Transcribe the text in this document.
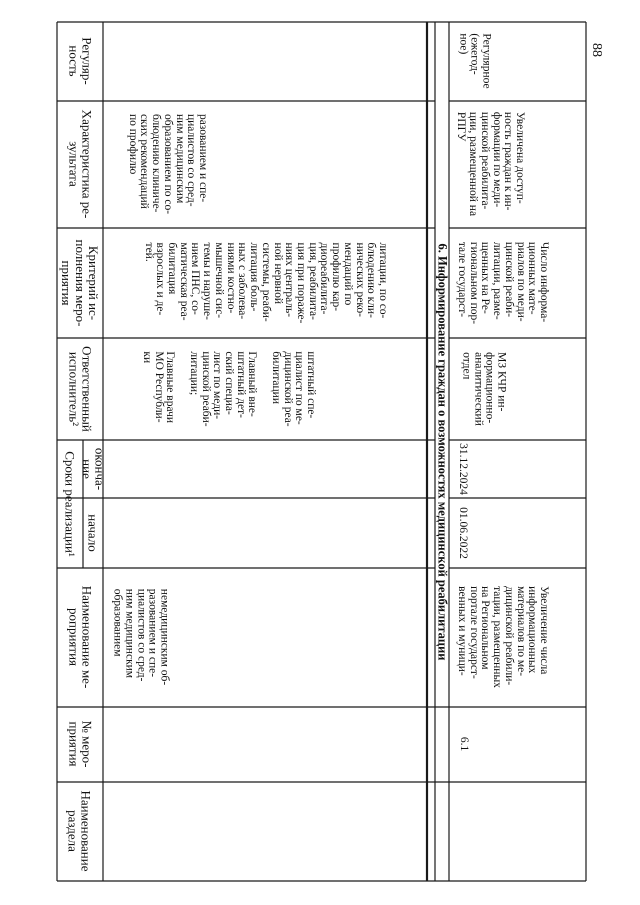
88
Наименование
раздела
№ меро-
приятия
Наименование ме-
роприятия
Сроки реализации¹ начало
оконча-
ние
Ответственный
исполнитель²
Критерий ис-
полнения меро-
приятия
Характеристика ре-
зультата
Регуляр-
ность
немедицинским об-
разованием и спе-
циалистов со сред-
ним медицинским
образованием
штатный спе-
циалист по ме-
дицинской реа-
билитации

Главный вне-
штатный дет-
ский специа-
лист по меди-
цинской реаби-
литации;

Главные врачи
МО Республи-
ки
литации, по со-
блюдению кли-
нических реко-
мендаций по
профилю кар-
диореабилита-
ция, реабилита-
ция при пораже-
ниях централь-
ной нервной
системы, реаби-
литация боль-
ных с заболева-
ниями костно-
мышечной сис-
темы и наруше-
нием ПНС, со-
матическая реа-
билитация
взрослых и де-
тей.
разованием и спе-
циалистов со сред-
ним медицинским
образованием по со-
блюдению клиниче-
ских рекомендаций
по профилю
6. Информирование граждан о возможностях медицинской реабилитации
6.1
Увеличение числа
информационных
материалов по ме-
дицинской реабили-
тации, размещенных
на Региональном
портале государст-
венных и муници-
01.06.2022
31.12.2024
МЗ КЧР ин-
формационно-
аналитический
отдел
Число информа-
ционных мате-
риалов по меди-
цинской реаби-
литации, разме-
щенных на Ре-
гиональном пор-
тале государст-
Увеличена доступ-
ность граждан к ин-
формации по меди-
цинской реабилита-
ции, размещенной на
РПГУ
Регулярное
(ежегод-
ное)
